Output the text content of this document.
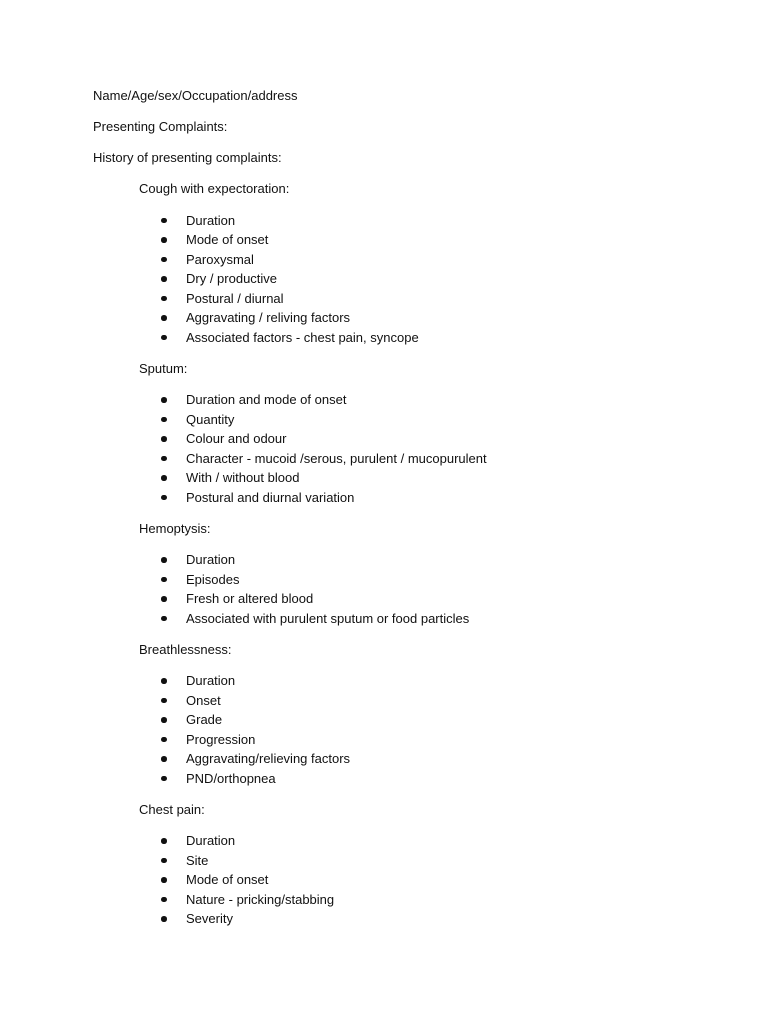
Name/Age/sex/Occupation/address

Presenting Complaints:

History of presenting complaints:

Cough with expectoration:

Duration
Mode of onset
Paroxysmal
Dry / productive
Postural / diurnal
Aggravating / reliving factors
Associated factors - chest pain, syncope

Sputum:

Duration and mode of onset
Quantity
Colour and odour
Character - mucoid /serous, purulent / mucopurulent
With / without blood
Postural and diurnal variation

Hemoptysis:

Duration
Episodes
Fresh or altered blood
Associated with purulent sputum or food particles

Breathlessness:

Duration
Onset
Grade
Progression
Aggravating/relieving factors
PND/orthopnea

Chest pain:

Duration
Site
Mode of onset
Nature - pricking/stabbing
Severity
